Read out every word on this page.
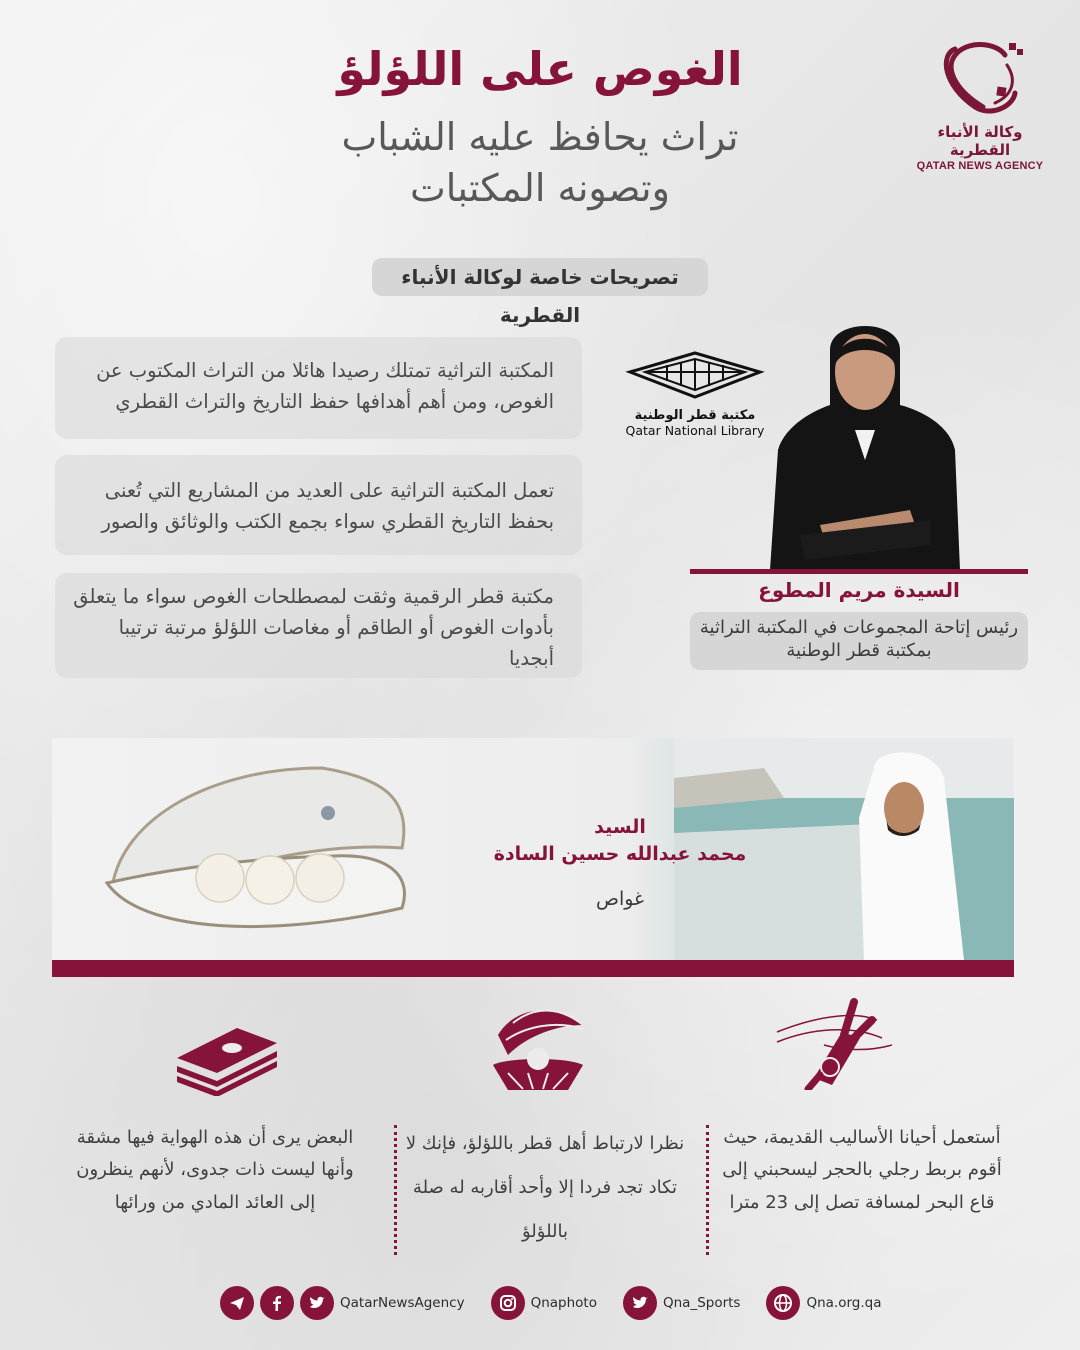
وكالة الأنباء القطرية
QATAR NEWS AGENCY
الغوص على اللؤلؤ
تراث يحافظ عليه الشباب
وتصونه المكتبات
تصريحات خاصة لوكالة الأنباء القطرية
المكتبة التراثية تمتلك رصيدا هائلا من التراث المكتوب عن الغوص، ومن أهم أهدافها حفظ التاريخ والتراث القطري
تعمل المكتبة التراثية على العديد من المشاريع التي تُعنى بحفظ التاريخ القطري سواء بجمع الكتب والوثائق والصور
مكتبة قطر الرقمية وثقت لمصطلحات الغوص سواء ما يتعلق بأدوات الغوص أو الطاقم أو مغاصات اللؤلؤ مرتبة ترتيبا أبجديا
مكتبة قطر الوطنية
Qatar National Library
السيدة مريم المطوع
رئيس إتاحة المجموعات في المكتبة التراثية بمكتبة قطر الوطنية
السيد
محمد عبدالله حسين السادة
غواص
أستعمل أحيانا الأساليب القديمة، حيث أقوم بربط رجلي بالحجر ليسحبني إلى قاع البحر لمسافة تصل إلى 23 مترا
نظرا لارتباط أهل قطر باللؤلؤ، فإنك لا تكاد تجد فردا إلا وأحد أقاربه له صلة باللؤلؤ
البعض يرى أن هذه الهواية فيها مشقة وأنها ليست ذات جدوى، لأنهم ينظرون إلى العائد المادي من ورائها
QatarNewsAgency	Qnaphoto	Qna_Sports	Qna.org.qa
